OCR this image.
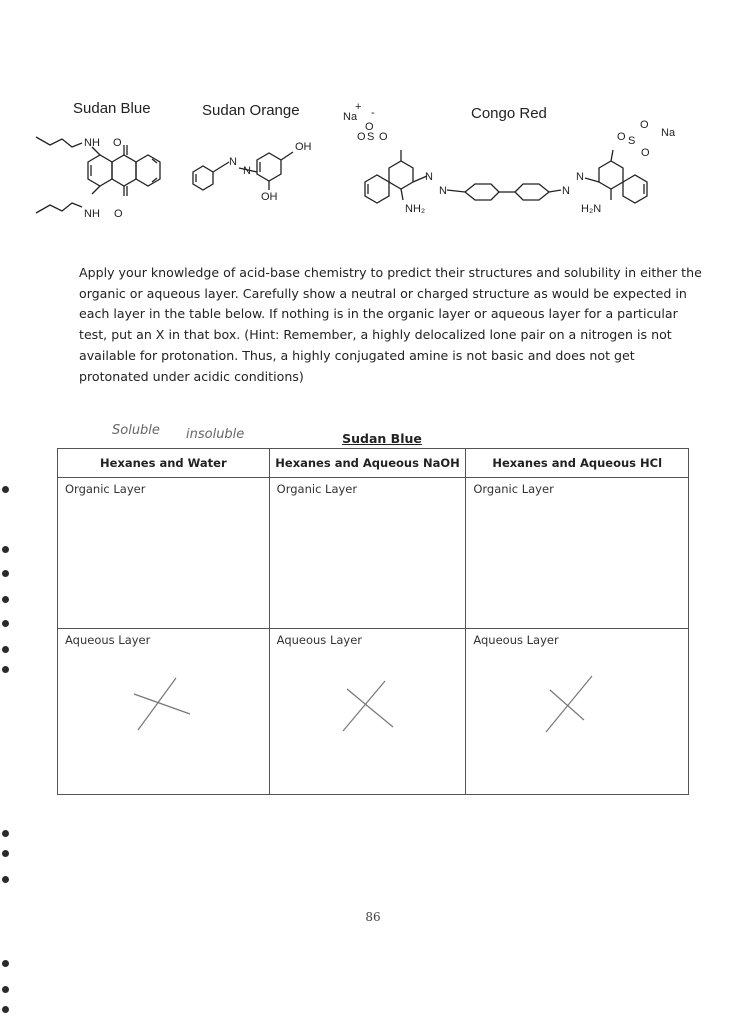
Sudan Blue	Sudan Orange	Congo Red
NH
NH
O
O
N
N
OH
OH
Na
+ -
O
O S O
N
N	N
N
NH₂	H₂N
O
Na
O S
O
Apply your knowledge of acid-base chemistry to predict their structures and solubility in either the organic or aqueous layer. Carefully show a neutral or charged structure as would be expected in each layer in the table below. If nothing is in the organic layer or aqueous layer for a particular test, put an X in that box. (Hint: Remember, a highly delocalized lone pair on a nitrogen is not available for protonation. Thus, a highly conjugated amine is not basic and does not get protonated under acidic conditions)
Soluble insoluble	Sudan Blue
Hexanes and Water	Hexanes and Aqueous NaOH	Hexanes and Aqueous HCl

Organic Layer	Organic Layer	Organic Layer

Aqueous Layer	Aqueous Layer	Aqueous Layer
86
